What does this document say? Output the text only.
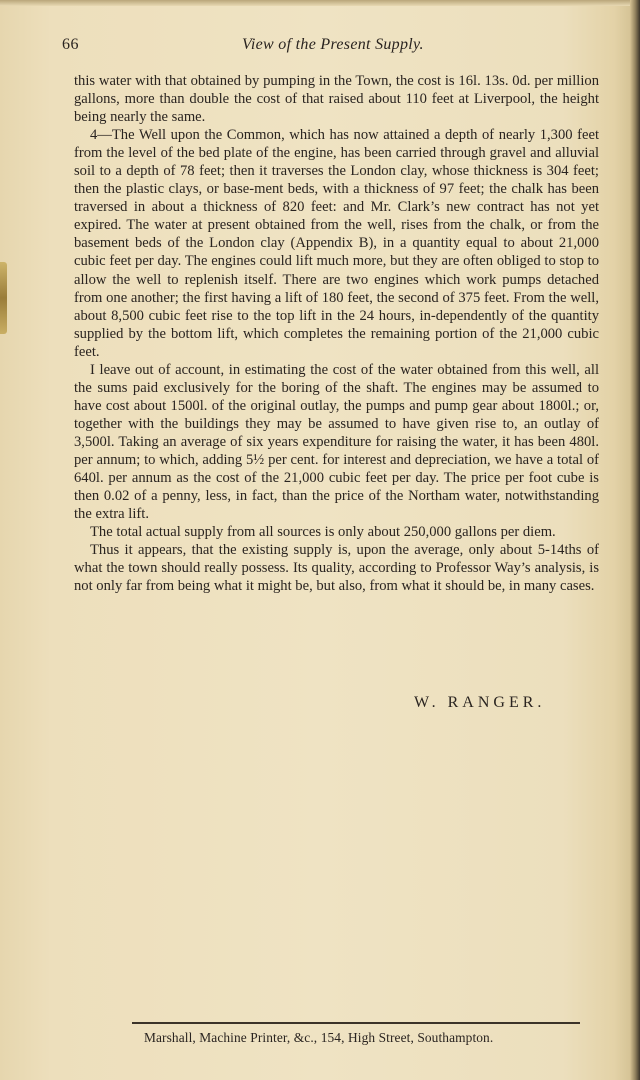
66	View of the Present Supply.

this water with that obtained by pumping in the Town, the cost is 16l. 13s. 0d. per million gallons, more than double the cost of that raised about 110 feet at Liverpool, the height being nearly the same.

4—The Well upon the Common, which has now attained a depth of nearly 1,300 feet from the level of the bed plate of the engine, has been carried through gravel and alluvial soil to a depth of 78 feet; then it traverses the London clay, whose thickness is 304 feet; then the plastic clays, or base-ment beds, with a thickness of 97 feet; the chalk has been traversed in about a thickness of 820 feet: and Mr. Clark’s new contract has not yet expired. The water at present obtained from the well, rises from the chalk, or from the basement beds of the London clay (Appendix B), in a quantity equal to about 21,000 cubic feet per day. The engines could lift much more, but they are often obliged to stop to allow the well to replenish itself. There are two engines which work pumps detached from one another; the first having a lift of 180 feet, the second of 375 feet. From the well, about 8,500 cubic feet rise to the top lift in the 24 hours, in-dependently of the quantity supplied by the bottom lift, which completes the remaining portion of the 21,000 cubic feet.

I leave out of account, in estimating the cost of the water obtained from this well, all the sums paid exclusively for the boring of the shaft. The engines may be assumed to have cost about 1500l. of the original outlay, the pumps and pump gear about 1800l.; or, together with the buildings they may be assumed to have given rise to, an outlay of 3,500l. Taking an average of six years expenditure for raising the water, it has been 480l. per annum; to which, adding 5½ per cent. for interest and depreciation, we have a total of 640l. per annum as the cost of the 21,000 cubic feet per day. The price per foot cube is then 0.02 of a penny, less, in fact, than the price of the Northam water, notwithstanding the extra lift.

The total actual supply from all sources is only about 250,000 gallons per diem.

Thus it appears, that the existing supply is, upon the average, only about 5-14ths of what the town should really possess. Its quality, according to Professor Way’s analysis, is not only far from being what it might be, but also, from what it should be, in many cases.

W. RANGER.
Marshall, Machine Printer, &c., 154, High Street, Southampton.
